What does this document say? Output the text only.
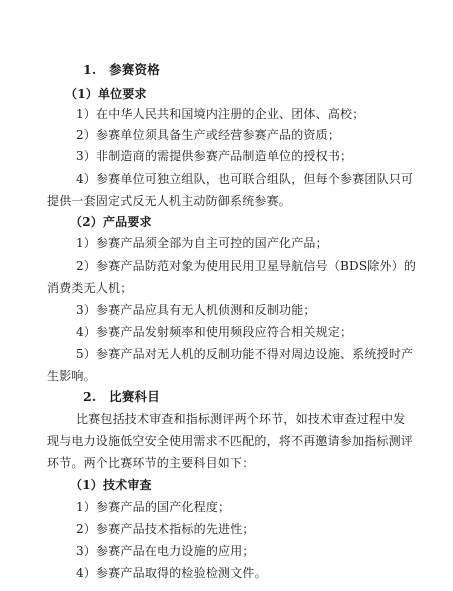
1.　参赛资格
（1）单位要求
1）在中华人民共和国境内注册的企业、团体、高校；
2）参赛单位须具备生产或经营参赛产品的资质；
3）非制造商的需提供参赛产品制造单位的授权书；
4）参赛单位可独立组队，也可联合组队，但每个参赛团队只可
提供一套固定式反无人机主动防御系统参赛。
（2）产品要求
1）参赛产品须全部为自主可控的国产化产品；
2）参赛产品防范对象为使用民用卫星导航信号（BDS除外）的
消费类无人机；
3）参赛产品应具有无人机侦测和反制功能；
4）参赛产品发射频率和使用频段应符合相关规定；
5）参赛产品对无人机的反制功能不得对周边设施、系统授时产
生影响。
2.　比赛科目
比赛包括技术审查和指标测评两个环节，如技术审查过程中发
现与电力设施低空安全使用需求不匹配的，将不再邀请参加指标测评
环节。两个比赛环节的主要科目如下：
（1）技术审查
1）参赛产品的国产化程度；
2）参赛产品技术指标的先进性；
3）参赛产品在电力设施的应用；
4）参赛产品取得的检验检测文件。
